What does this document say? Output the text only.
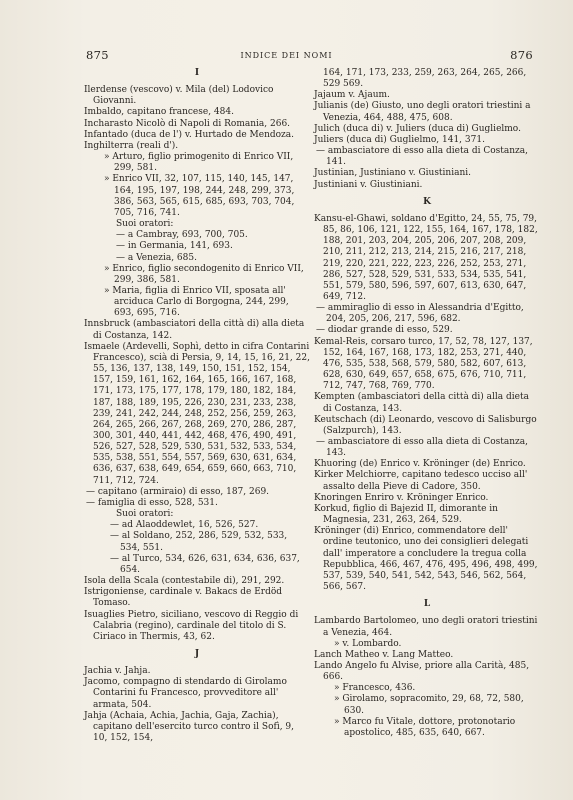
875	INDICE DEI NOMI	876

I

Ilerdense (vescovo) v. Mila (del) Lodovico Giovanni.

Imbaldo, capitano francese, 484.

Incharasto Nicolò di Napoli di Romania, 266.

Infantado (duca de l') v. Hurtado de Mendoza.

Inghilterra (reali d').

» Arturo, figlio primogenito di Enrico VII, 299, 581.

» Enrico VII, 32, 107, 115, 140, 145, 147, 164, 195, 197, 198, 244, 248, 299, 373, 386, 563, 565, 615, 685, 693, 703, 704, 705, 716, 741.

Suoi oratori:

— a Cambray, 693, 700, 705.

— in Germania, 141, 693.

— a Venezia, 685.

» Enrico, figlio secondogenito di Enrico VII, 299, 386, 581.

» Maria, figlia di Enrico VII, sposata all' arciduca Carlo di Borgogna, 244, 299, 693, 695, 716.

Innsbruck (ambasciatori della città di) alla dieta di Costanza, 142.

Ismaele (Ardevelli, Sophì, detto in cifra Contarini Francesco), scià di Persia, 9, 14, 15, 16, 21, 22, 55, 136, 137, 138, 149, 150, 151, 152, 154, 157, 159, 161, 162, 164, 165, 166, 167, 168, 171, 173, 175, 177, 178, 179, 180, 182, 184, 187, 188, 189, 195, 226, 230, 231, 233, 238, 239, 241, 242, 244, 248, 252, 256, 259, 263, 264, 265, 266, 267, 268, 269, 270, 286, 287, 300, 301, 440, 441, 442, 468, 476, 490, 491, 526, 527, 528, 529, 530, 531, 532, 533, 534, 535, 538, 551, 554, 557, 569, 630, 631, 634, 636, 637, 638, 649, 654, 659, 660, 663, 710, 711, 712, 724.

— capitano (armiraio) di esso, 187, 269.

— famiglia di esso, 528, 531.

Suoi oratori:

— ad Alaoddewlet, 16, 526, 527.

— al Soldano, 252, 286, 529, 532, 533, 534, 551.

— al Turco, 534, 626, 631, 634, 636, 637, 654.

Isola della Scala (contestabile di), 291, 292.

Istrigoniense, cardinale v. Bakacs de Erdöd Tomaso.

Isuaglies Pietro, siciliano, vescovo di Reggio di Calabria (regino), cardinale del titolo di S. Ciriaco in Thermis, 43, 62.

J

Jachia v. Jahja.

Jacomo, compagno di stendardo di Girolamo Contarini fu Francesco, provveditore all' armata, 504.

Jahja (Achaia, Achia, Jachia, Gaja, Zachia), capitano dell'esercito turco contro il Sofì, 9, 10, 152, 154,

164, 171, 173, 233, 259, 263, 264, 265, 266, 529 569.

Jajaum v. Ajaum.

Julianis (de) Giusto, uno degli oratori triestini a Venezia, 464, 488, 475, 608.

Julich (duca di) v. Juliers (duca di) Guglielmo.

Juliers (duca di) Guglielmo, 141, 371.

— ambasciatore di esso alla dieta di Costanza, 141.

Justinian, Justiniano v. Giustiniani.

Justiniani v. Giustiniani.

K

Kansu-el-Ghawi, soldano d'Egitto, 24, 55, 75, 79, 85, 86, 106, 121, 122, 155, 164, 167, 178, 182, 188, 201, 203, 204, 205, 206, 207, 208, 209, 210, 211, 212, 213, 214, 215, 216, 217, 218, 219, 220, 221, 222, 223, 226, 252, 253, 271, 286, 527, 528, 529, 531, 533, 534, 535, 541, 551, 579, 580, 596, 597, 607, 613, 630, 647, 649, 712.

— ammiraglio di esso in Alessandria d'Egitto, 204, 205, 206, 217, 596, 682.

— diodar grande di esso, 529.

Kemal-Reis, corsaro turco, 17, 52, 78, 127, 137, 152, 164, 167, 168, 173, 182, 253, 271, 440, 476, 535, 538, 568, 579, 580, 582, 607, 613, 628, 630, 649, 657, 658, 675, 676, 710, 711, 712, 747, 768, 769, 770.

Kempten (ambasciatori della città di) alla dieta di Costanza, 143.

Keutschach (di) Leonardo, vescovo di Salisburgo (Salzpurch), 143.

— ambasciatore di esso alla dieta di Costanza, 143.

Khuoring (de) Enrico v. Kröninger (de) Enrico.

Kirker Melchiorre, capitano tedesco ucciso all' assalto della Pieve di Cadore, 350.

Knoringen Enriro v. Kröninger Enrico.

Korkud, figlio di Bajezid II, dimorante in Magnesia, 231, 263, 264, 529.

Kröninger (di) Enrico, commendatore dell' ordine teutonico, uno dei consiglieri delegati dall' imperatore a concludere la tregua colla Repubblica, 466, 467, 476, 495, 496, 498, 499, 537, 539, 540, 541, 542, 543, 546, 562, 564, 566, 567.

L

Lambardo Bartolomeo, uno degli oratori triestini a Venezia, 464.

» v. Lombardo.

Lanch Matheo v. Lang Matteo.

Lando Angelo fu Alvise, priore alla Carità, 485, 666.

» Francesco, 436.

» Girolamo, sopracomito, 29, 68, 72, 580, 630.

» Marco fu Vitale, dottore, protonotario apostolico, 485, 635, 640, 667.
